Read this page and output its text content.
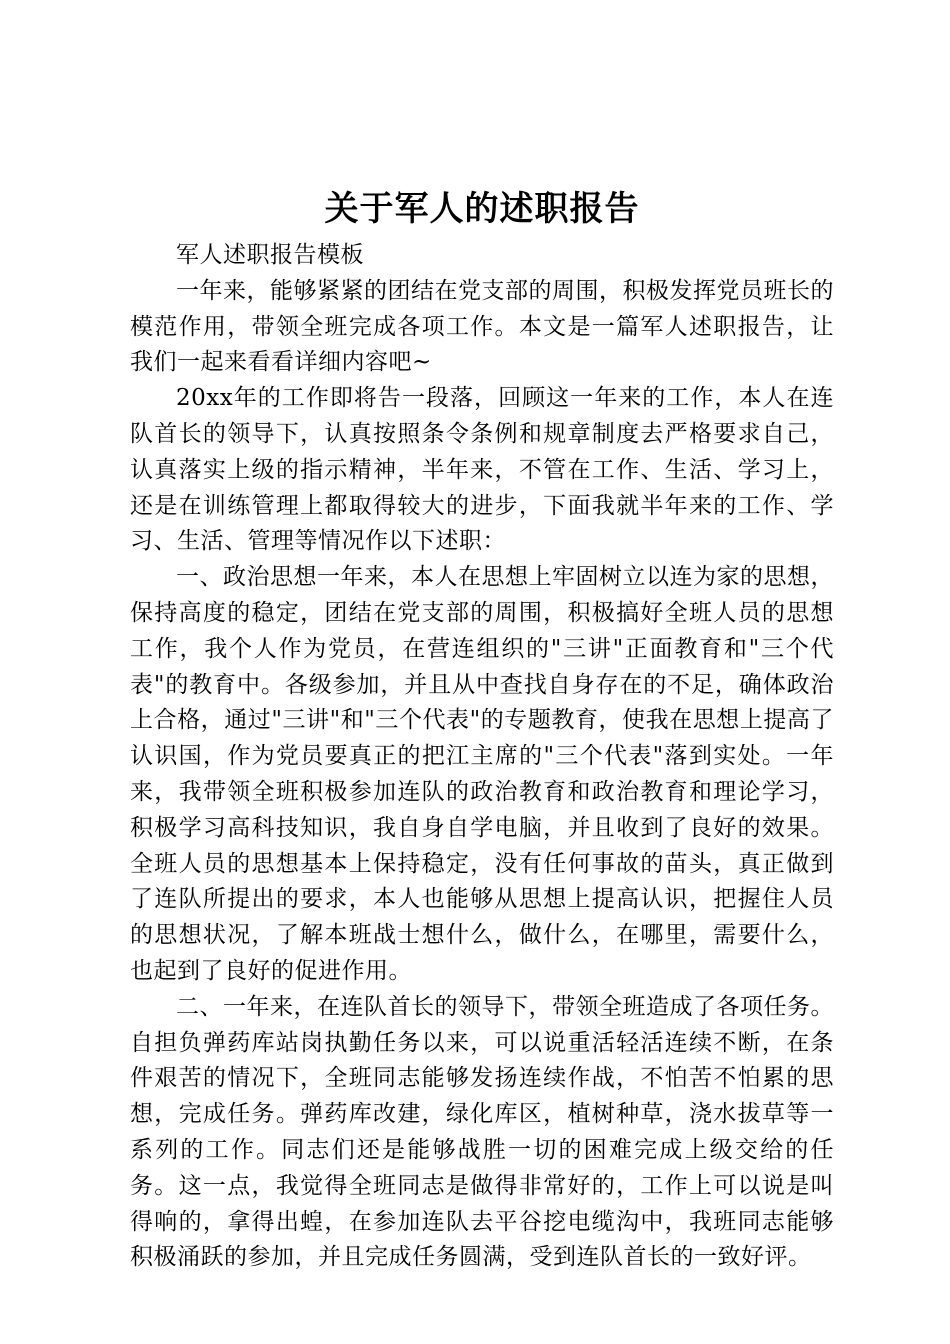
关于军人的述职报告

军人述职报告模板

一年来，能够紧紧的团结在党支部的周围，积极发挥党员班长的模范作用，带领全班完成各项工作。本文是一篇军人述职报告，让我们一起来看看详细内容吧~

20xx年的工作即将告一段落，回顾这一年来的工作，本人在连队首长的领导下，认真按照条令条例和规章制度去严格要求自己，认真落实上级的指示精神，半年来，不管在工作、生活、学习上，还是在训练管理上都取得较大的进步，下面我就半年来的工作、学习、生活、管理等情况作以下述职：

一、政治思想一年来，本人在思想上牢固树立以连为家的思想，保持高度的稳定，团结在党支部的周围，积极搞好全班人员的思想工作，我个人作为党员，在营连组织的"三讲"正面教育和"三个代表"的教育中。各级参加，并且从中查找自身存在的不足，确体政治上合格，通过"三讲"和"三个代表"的专题教育，使我在思想上提高了认识国，作为党员要真正的把江主席的"三个代表"落到实处。一年来，我带领全班积极参加连队的政治教育和政治教育和理论学习，积极学习高科技知识，我自身自学电脑，并且收到了良好的效果。全班人员的思想基本上保持稳定，没有任何事故的苗头，真正做到了连队所提出的要求，本人也能够从思想上提高认识，把握住人员的思想状况，了解本班战士想什么，做什么，在哪里，需要什么，也起到了良好的促进作用。

二、一年来，在连队首长的领导下，带领全班造成了各项任务。自担负弹药库站岗执勤任务以来，可以说重活轻活连续不断，在条件艰苦的情况下，全班同志能够发扬连续作战，不怕苦不怕累的思想，完成任务。弹药库改建，绿化库区，植树种草，浇水拔草等一系列的工作。同志们还是能够战胜一切的困难完成上级交给的任务。这一点，我觉得全班同志是做得非常好的，工作上可以说是叫得响的，拿得出蝗，在参加连队去平谷挖电缆沟中，我班同志能够积极涌跃的参加，并且完成任务圆满，受到连队首长的一致好评。
